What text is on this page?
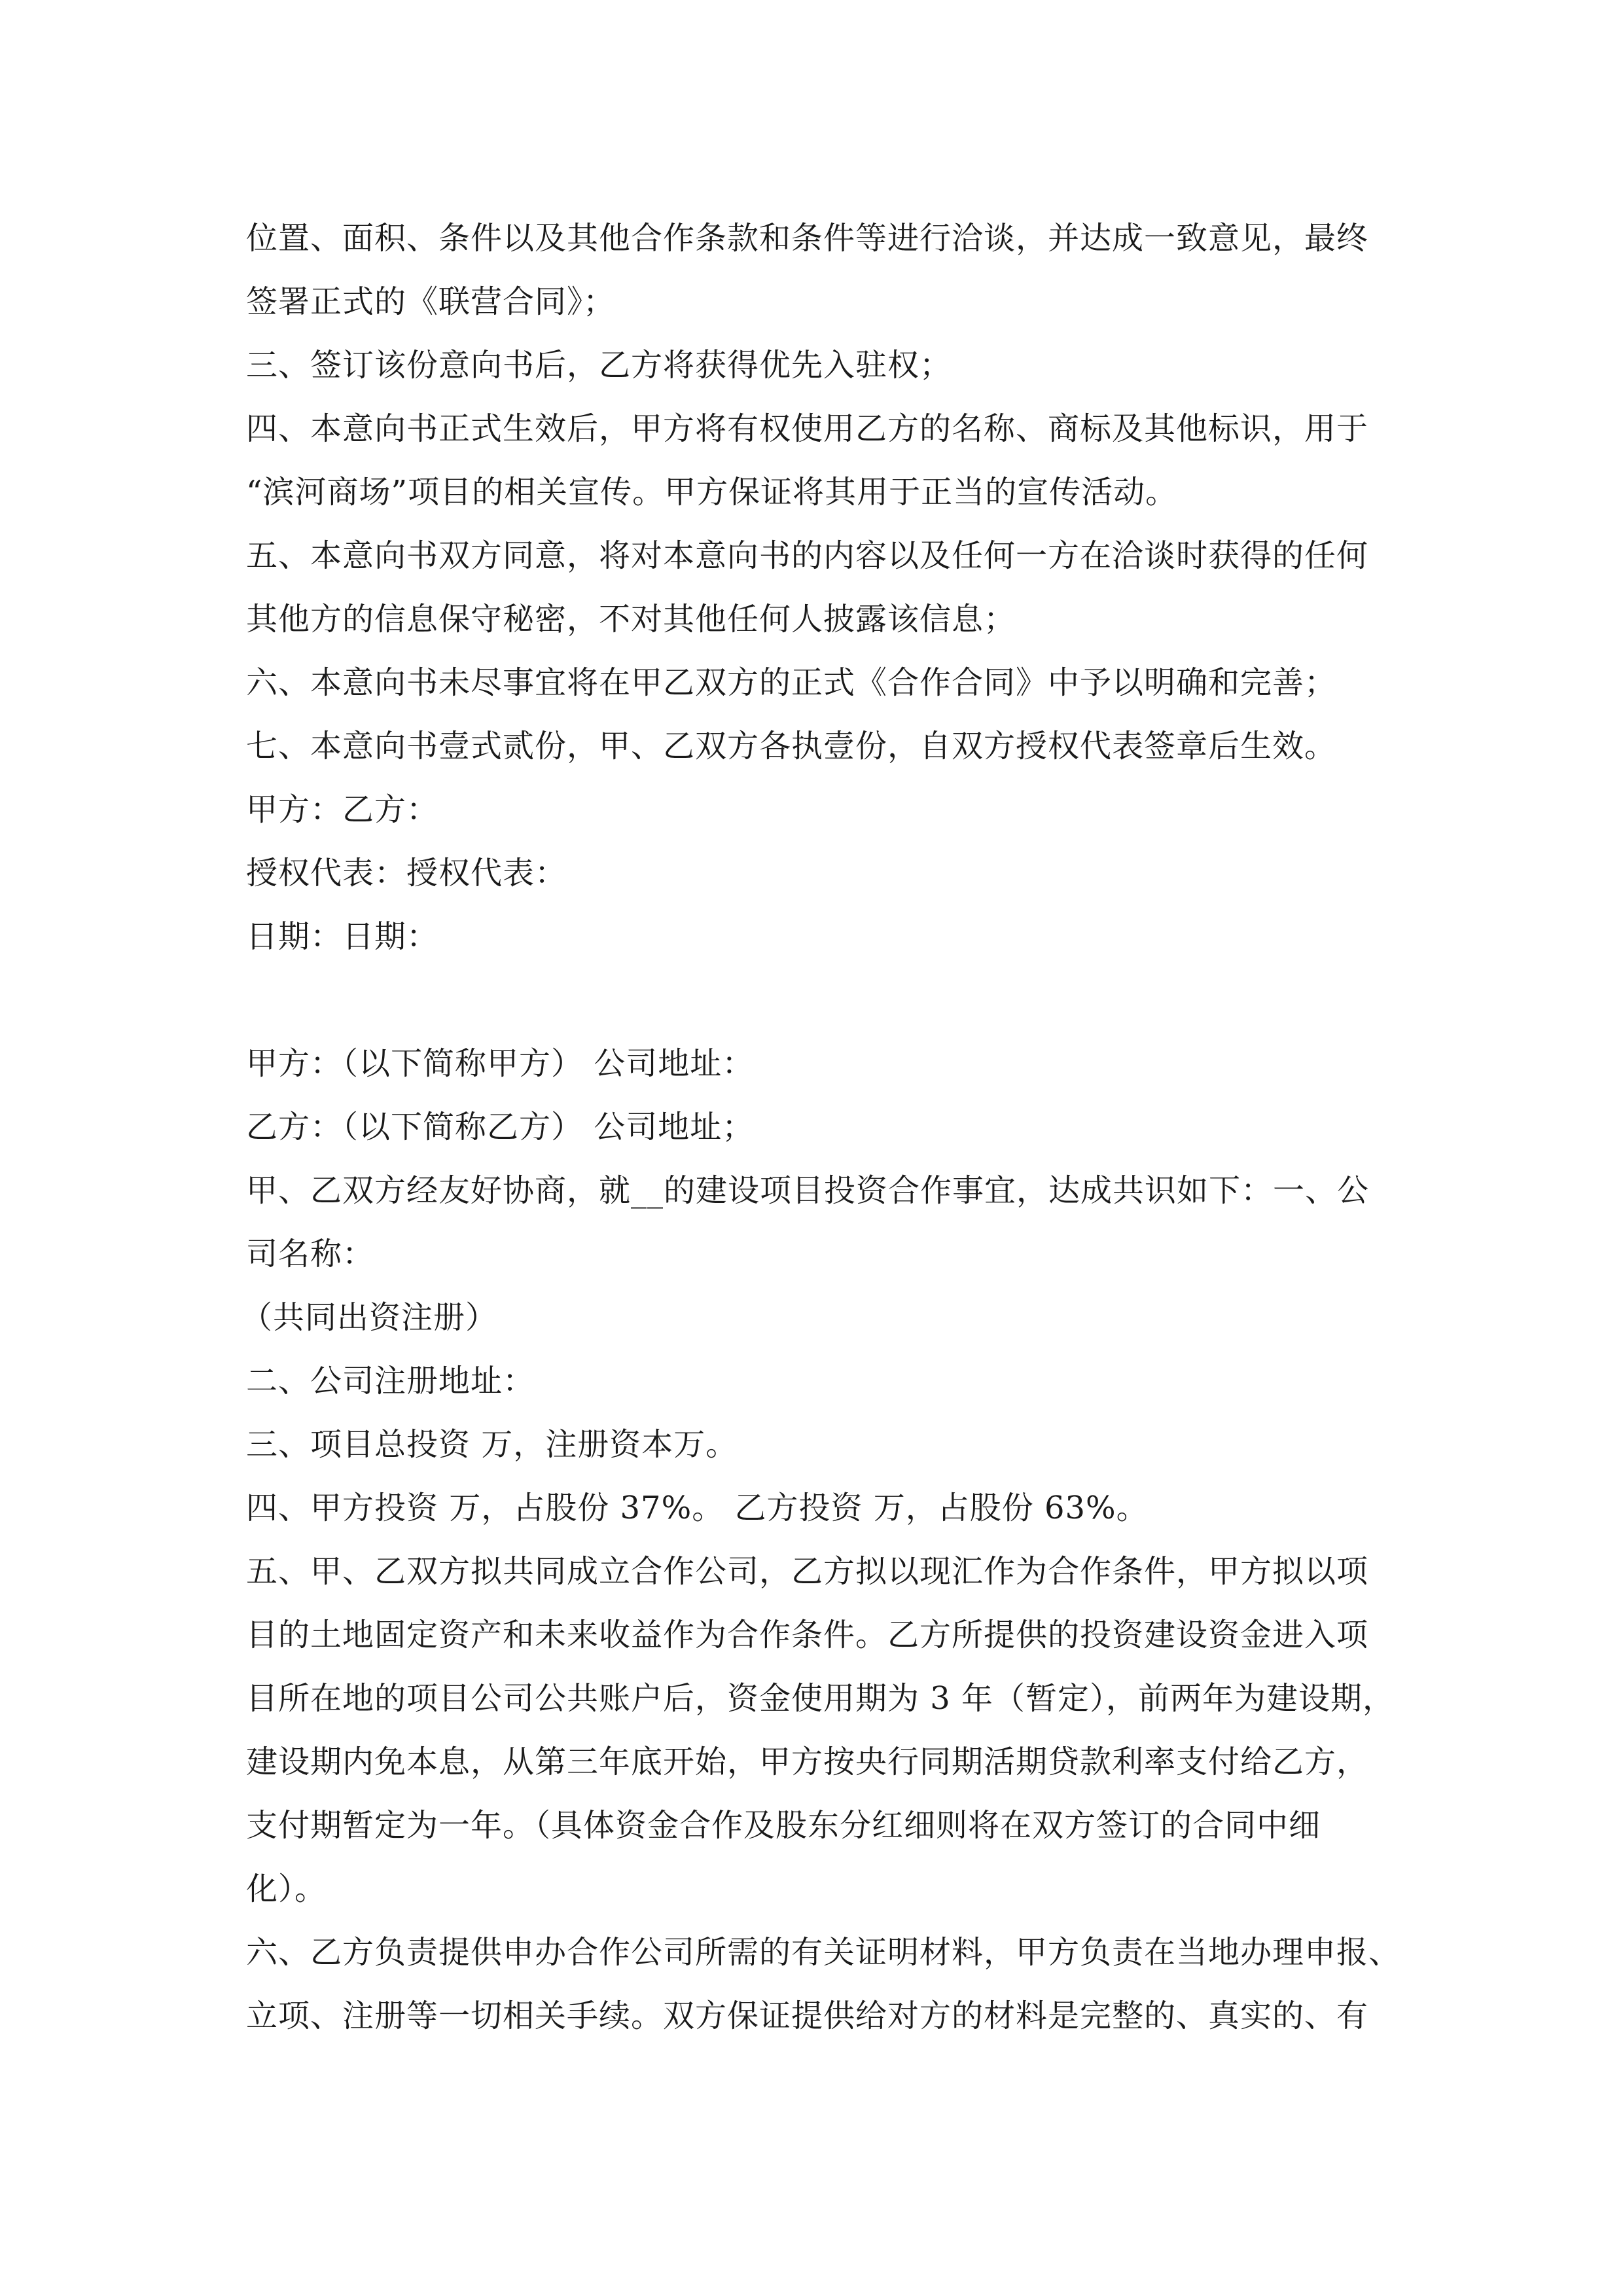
位置、面积、条件以及其他合作条款和条件等进行洽谈，并达成一致意见，最终
签署正式的《联营合同》；
三、签订该份意向书后，乙方将获得优先入驻权；
四、本意向书正式生效后，甲方将有权使用乙方的名称、商标及其他标识，用于
“滨河商场”项目的相关宣传。甲方保证将其用于正当的宣传活动。
五、本意向书双方同意，将对本意向书的内容以及任何一方在洽谈时获得的任何
其他方的信息保守秘密，不对其他任何人披露该信息；
六、本意向书未尽事宜将在甲乙双方的正式《合作合同》中予以明确和完善；
七、本意向书壹式贰份，甲、乙双方各执壹份，自双方授权代表签章后生效。
甲方：乙方：
授权代表：授权代表：
日期：日期：
甲方：（以下简称甲方） 公司地址：
乙方：（以下简称乙方） 公司地址；
甲、乙双方经友好协商，就__的建设项目投资合作事宜，达成共识如下：一、公
司名称：
（共同出资注册）
二、公司注册地址：
三、项目总投资 万，注册资本万。
四、甲方投资 万，占股份 37%。 乙方投资 万，占股份 63%。
五、甲、乙双方拟共同成立合作公司，乙方拟以现汇作为合作条件，甲方拟以项
目的土地固定资产和未来收益作为合作条件。乙方所提供的投资建设资金进入项
目所在地的项目公司公共账户后，资金使用期为 3 年（暂定），前两年为建设期，
建设期内免本息，从第三年底开始，甲方按央行同期活期贷款利率支付给乙方，
支付期暂定为一年。（具体资金合作及股东分红细则将在双方签订的合同中细
化）。
六、乙方负责提供申办合作公司所需的有关证明材料，甲方负责在当地办理申报、
立项、注册等一切相关手续。双方保证提供给对方的材料是完整的、真实的、有
